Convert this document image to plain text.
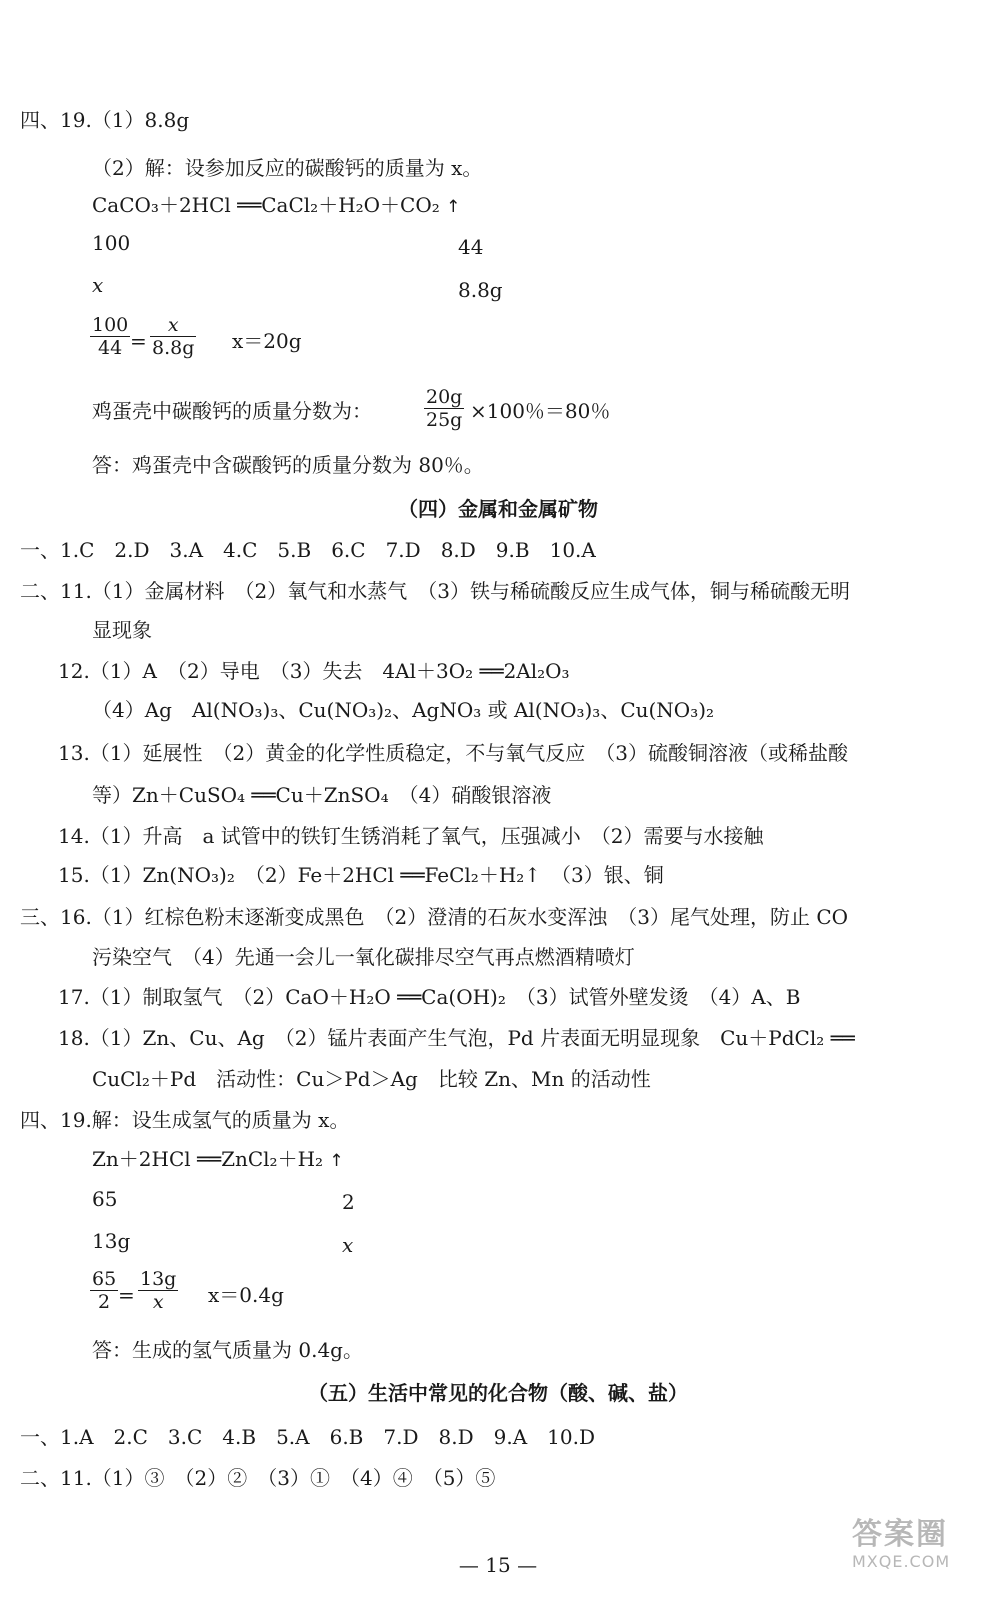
四、19.（1）8.8g
（2）解：设参加反应的碳酸钙的质量为 x。
CaCO₃＋2HCl ══CaCl₂＋H₂O＋CO₂ ↑
100	44
x	8.8g
100
44 =
x
8.8g x＝20g
鸡蛋壳中碳酸钙的质量分数为：
20g
25g ×100％＝80％
答：鸡蛋壳中含碳酸钙的质量分数为 80％。
（四）金属和金属矿物
一、1.C　2.D　3.A　4.C　5.B　6.C　7.D　8.D　9.B　10.A
二、11.（1）金属材料　（2）氧气和水蒸气　（3）铁与稀硫酸反应生成气体，铜与稀硫酸无明
显现象
12.（1）A　（2）导电　（3）失去　4Al＋3O₂ ══2Al₂O₃
（4）Ag　Al(NO₃)₃、Cu(NO₃)₂、AgNO₃ 或 Al(NO₃)₃、Cu(NO₃)₂
13.（1）延展性　（2）黄金的化学性质稳定，不与氧气反应　（3）硫酸铜溶液（或稀盐酸
等）Zn＋CuSO₄ ══Cu＋ZnSO₄　（4）硝酸银溶液
14.（1）升高　a 试管中的铁钉生锈消耗了氧气，压强减小　（2）需要与水接触
15.（1）Zn(NO₃)₂　（2）Fe＋2HCl ══FeCl₂＋H₂↑　（3）银、铜
三、16.（1）红棕色粉末逐渐变成黑色　（2）澄清的石灰水变浑浊　（3）尾气处理，防止 CO
污染空气　（4）先通一会儿一氧化碳排尽空气再点燃酒精喷灯
17.（1）制取氢气　（2）CaO＋H₂O ══Ca(OH)₂　（3）试管外壁发烫　（4）A、B
18.（1）Zn、Cu、Ag　（2）锰片表面产生气泡，Pd 片表面无明显现象　Cu＋PdCl₂ ══
CuCl₂＋Pd　活动性：Cu＞Pd＞Ag　比较 Zn、Mn 的活动性
四、19.解：设生成氢气的质量为 x。
Zn＋2HCl ══ZnCl₂＋H₂ ↑
65	2
13g	x
65
2 =
13g
x x＝0.4g
答：生成的氢气质量为 0.4g。
（五）生活中常见的化合物（酸、碱、盐）
一、1.A　2.C　3.C　4.B　5.A　6.B　7.D　8.D　9.A　10.D
二、11.（1）③　（2）②　（3）①　（4）④　（5）⑤
— 15 —
答案圈
MXQE.COM
